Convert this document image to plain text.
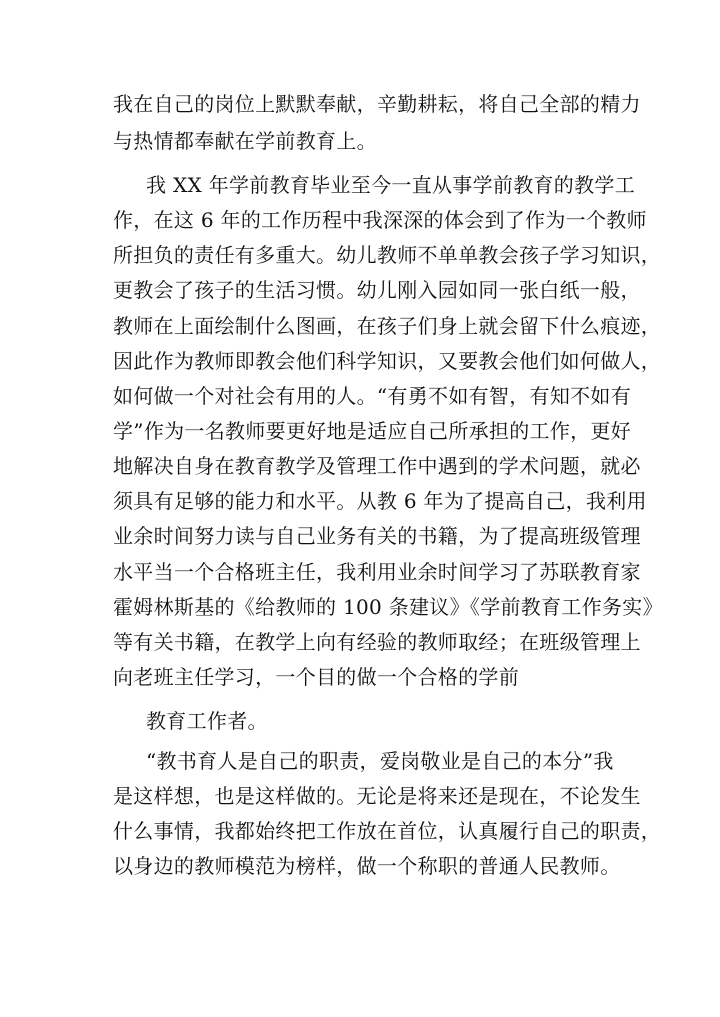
我在自己的岗位上默默奉献，辛勤耕耘，将自己全部的精力
与热情都奉献在学前教育上。
我 XX 年学前教育毕业至今一直从事学前教育的教学工
作，在这 6 年的工作历程中我深深的体会到了作为一个教师
所担负的责任有多重大。幼儿教师不单单教会孩子学习知识，
更教会了孩子的生活习惯。幼儿刚入园如同一张白纸一般，
教师在上面绘制什么图画，在孩子们身上就会留下什么痕迹，
因此作为教师即教会他们科学知识，又要教会他们如何做人，
如何做一个对社会有用的人。“有勇不如有智，有知不如有
学”作为一名教师要更好地是适应自己所承担的工作，更好
地解决自身在教育教学及管理工作中遇到的学术问题，就必
须具有足够的能力和水平。从教 6 年为了提高自己，我利用
业余时间努力读与自己业务有关的书籍，为了提高班级管理
水平当一个合格班主任，我利用业余时间学习了苏联教育家
霍姆林斯基的《给教师的 100 条建议》《学前教育工作务实》
等有关书籍，在教学上向有经验的教师取经；在班级管理上
向老班主任学习，一个目的做一个合格的学前
教育工作者。
“教书育人是自己的职责，爱岗敬业是自己的本分”我
是这样想，也是这样做的。无论是将来还是现在，不论发生
什么事情，我都始终把工作放在首位，认真履行自己的职责，
以身边的教师模范为榜样，做一个称职的普通人民教师。
